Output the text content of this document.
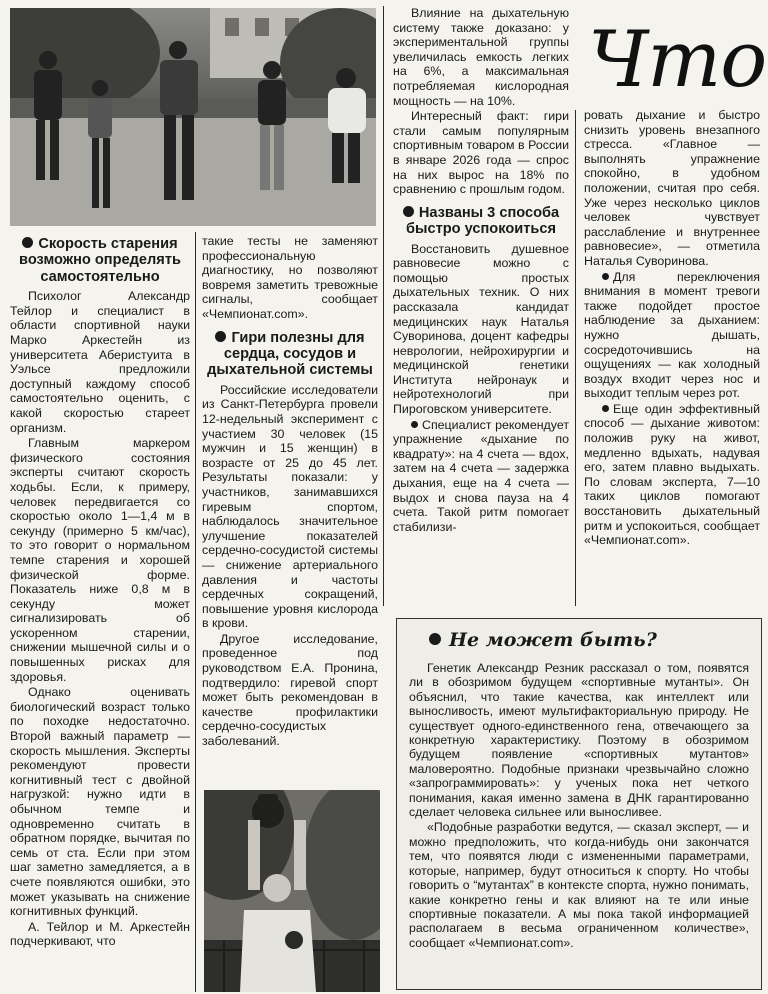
Скорость старения возможно определять самостоятельно

Психолог Александр Тейлор и специалист в области спортивной науки Марко Аркестейн из университета Аберистуита в Уэльсе предложили доступный каждому способ самостоятельно оценить, с какой скоростью стареет организм.

Главным маркером физического состояния эксперты считают скорость ходьбы. Если, к примеру, человек передвигается со скоростью около 1—1,4 м в секунду (примерно 5 км/час), то это говорит о нормальном темпе старения и хорошей физической форме. Показатель ниже 0,8 м в секунду может сигнализировать об ускоренном старении, снижении мышечной силы и о повышенных рисках для здоровья.

Однако оценивать биологический возраст только по походке недостаточно. Второй важный параметр — скорость мышления. Эксперты рекомендуют провести когнитивный тест с двойной нагрузкой: нужно идти в обычном темпе и одновременно считать в обратном порядке, вычитая по семь от ста. Если при этом шаг заметно замедляется, а в счете появляются ошибки, это может указывать на снижение когнитивных функций.

А. Тейлор и М. Аркестейн подчеркивают, что

такие тесты не заменяют профессиональную диагностику, но позволяют вовремя заметить тревожные сигналы, сообщает «Чемпионат.com».

Гири полезны для сердца, сосудов и дыхательной системы

Российские исследователи из Санкт-Петербурга провели 12-недельный эксперимент с участием 30 человек (15 мужчин и 15 женщин) в возрасте от 25 до 45 лет. Результаты показали: у участников, занимавшихся гиревым спортом, наблюдалось значительное улучшение показателей сердечно-сосудистой системы — снижение артериального давления и частоты сердечных сокращений, повышение уровня кислорода в крови.

Другое исследование, проведенное под руководством Е.А. Пронина, подтвердило: гиревой спорт может быть рекомендован в качестве профилактики сердечно-сосудистых заболеваний.

Влияние на дыхательную систему также доказано: у экспериментальной группы увеличилась емкость легких на 6%, а максимальная потребляемая кислородная мощность — на 10%.

Интересный факт: гири стали самым популярным спортивным товаром в России в январе 2026 года — спрос на них вырос на 18% по сравнению с прошлым годом.

Названы 3 способа быстро успокоиться

Восстановить душевное равновесие можно с помощью простых дыхательных техник. О них рассказала кандидат медицинских наук Наталья Суворинова, доцент кафедры неврологии, нейрохирургии и медицинской генетики Института нейронаук и нейротехнологий при Пироговском университете.

Специалист рекомендует упражнение «дыхание по квадрату»: на 4 счета — вдох, затем на 4 счета — задержка дыхания, еще на 4 счета — выдох и снова пауза на 4 счета. Такой ритм помогает стабилизи-

Что

ровать дыхание и быстро снизить уровень внезапного стресса. «Главное — выполнять упражнение спокойно, в удобном положении, считая про себя. Уже через несколько циклов человек чувствует расслабление и внутреннее равновесие», — отметила Наталья Суворинова.

Для переключения внимания в момент тревоги также подойдет простое наблюдение за дыханием: нужно дышать, сосредоточившись на ощущениях — как холодный воздух входит через нос и выходит теплым через рот.

Еще один эффективный способ — дыхание животом: положив руку на живот, медленно вдыхать, надувая его, затем плавно выдыхать. По словам эксперта, 7—10 таких циклов помогают восстановить дыхательный ритм и успокоиться, сообщает «Чемпионат.com».

Не может быть?

Генетик Александр Резник рассказал о том, появятся ли в обозримом будущем «спортивные мутанты». Он объяснил, что такие качества, как интеллект или выносливость, имеют мультифакториальную природу. Не существует одного-единственного гена, отвечающего за конкретную характеристику. Поэтому в обозримом будущем появление «спортивных мутантов» маловероятно. Подобные признаки чрезвычайно сложно «запрограммировать»: у ученых пока нет четкого понимания, какая именно замена в ДНК гарантированно сделает человека сильнее или выносливее.

«Подобные разработки ведутся, — сказал эксперт, — и можно предположить, что когда-нибудь они закончатся тем, что появятся люди с измененными параметрами, которые, например, будут относиться к спорту. Но чтобы говорить о “мутантах” в контексте спорта, нужно понимать, какие конкретно гены и как влияют на те или иные спортивные показатели. А мы пока такой информацией располагаем в весьма ограниченном количестве», сообщает «Чемпионат.com».
